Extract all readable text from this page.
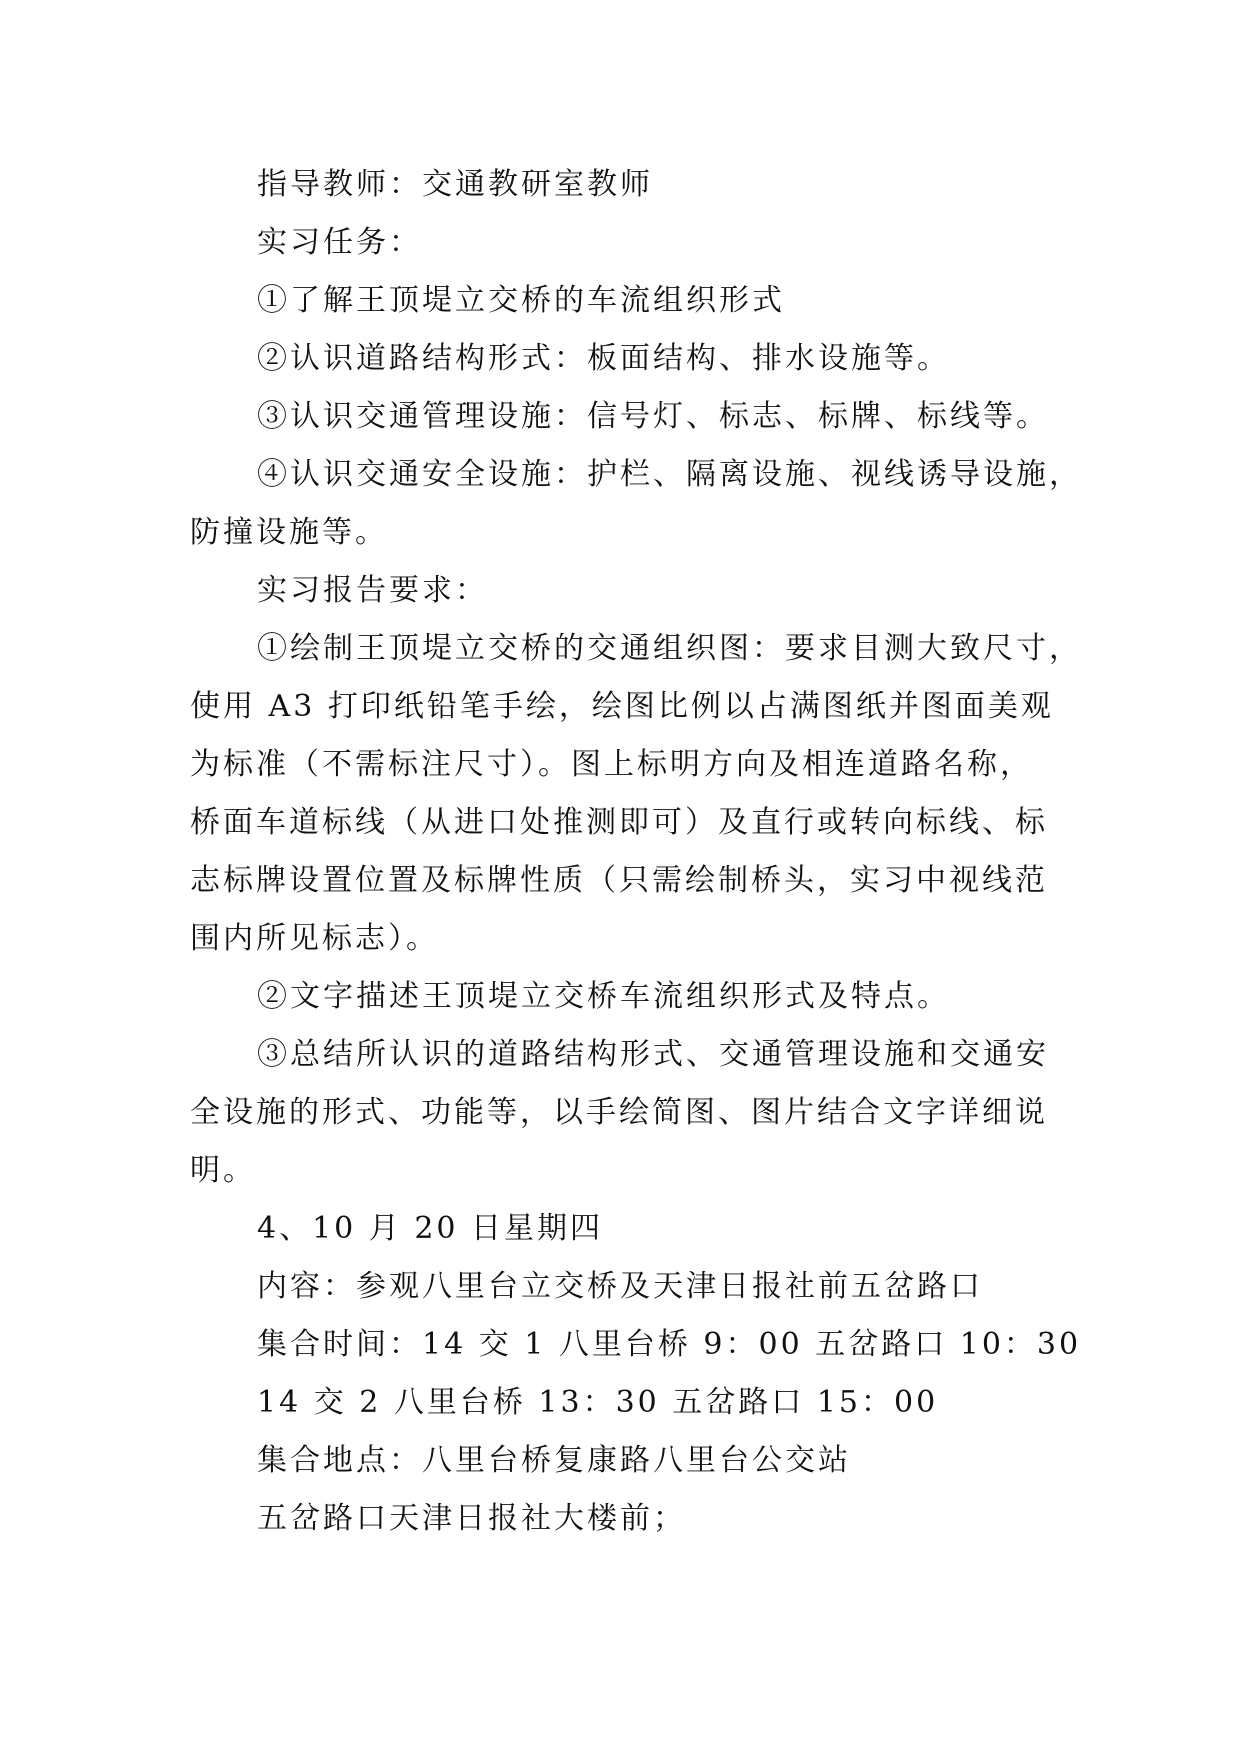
指导教师：交通教研室教师
实习任务：
①了解王顶堤立交桥的车流组织形式
②认识道路结构形式：板面结构、排水设施等。
③认识交通管理设施：信号灯、标志、标牌、标线等。
④认识交通安全设施：护栏、隔离设施、视线诱导设施，
防撞设施等。
实习报告要求：
①绘制王顶堤立交桥的交通组织图：要求目测大致尺寸，
使用 A3 打印纸铅笔手绘，绘图比例以占满图纸并图面美观
为标准（不需标注尺寸）。图上标明方向及相连道路名称，
桥面车道标线（从进口处推测即可）及直行或转向标线、标
志标牌设置位置及标牌性质（只需绘制桥头，实习中视线范
围内所见标志）。
②文字描述王顶堤立交桥车流组织形式及特点。
③总结所认识的道路结构形式、交通管理设施和交通安
全设施的形式、功能等，以手绘简图、图片结合文字详细说
明。
4、10 月 20 日星期四
内容：参观八里台立交桥及天津日报社前五岔路口
集合时间：14 交 1 八里台桥 9：00 五岔路口 10：30
14 交 2 八里台桥 13：30 五岔路口 15：00
集合地点：八里台桥复康路八里台公交站
五岔路口天津日报社大楼前；
